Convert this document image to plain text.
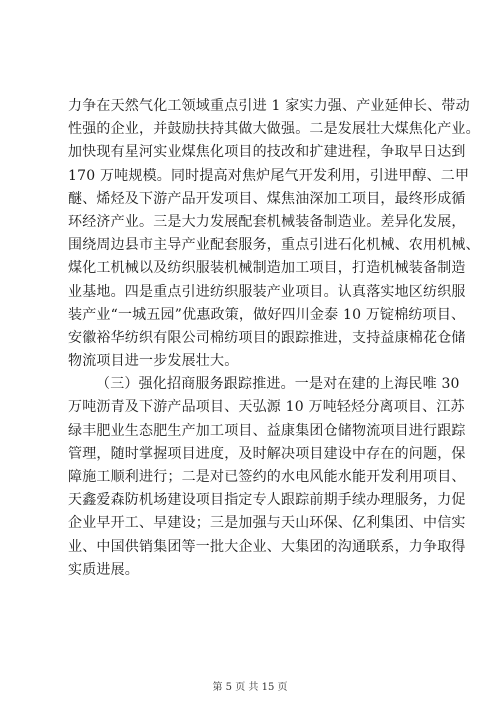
力争在天然气化工领域重点引进 1 家实力强、产业延伸长、带动
性强的企业，并鼓励扶持其做大做强。二是发展壮大煤焦化产业。
加快现有星河实业煤焦化项目的技改和扩建进程，争取早日达到
170 万吨规模。同时提高对焦炉尾气开发利用，引进甲醇、二甲
醚、烯烃及下游产品开发项目、煤焦油深加工项目，最终形成循
环经济产业。三是大力发展配套机械装备制造业。差异化发展，
围绕周边县市主导产业配套服务，重点引进石化机械、农用机械、
煤化工机械以及纺织服装机械制造加工项目，打造机械装备制造
业基地。四是重点引进纺织服装产业项目。认真落实地区纺织服
装产业“一城五园”优惠政策，做好四川金泰 10 万锭棉纺项目、
安徽裕华纺织有限公司棉纺项目的跟踪推进，支持益康棉花仓储
物流项目进一步发展壮大。
（三）强化招商服务跟踪推进。一是对在建的上海民唯 30
万吨沥青及下游产品项目、天弘源 10 万吨轻烃分离项目、江苏
绿丰肥业生态肥生产加工项目、益康集团仓储物流项目进行跟踪
管理，随时掌握项目进度，及时解决项目建设中存在的问题，保
障施工顺利进行；二是对已签约的水电风能水能开发利用项目、
天鑫爱森防机场建设项目指定专人跟踪前期手续办理服务，力促
企业早开工、早建设；三是加强与天山环保、亿利集团、中信实
业、中国供销集团等一批大企业、大集团的沟通联系，力争取得
实质进展。
第 5 页 共 15 页
